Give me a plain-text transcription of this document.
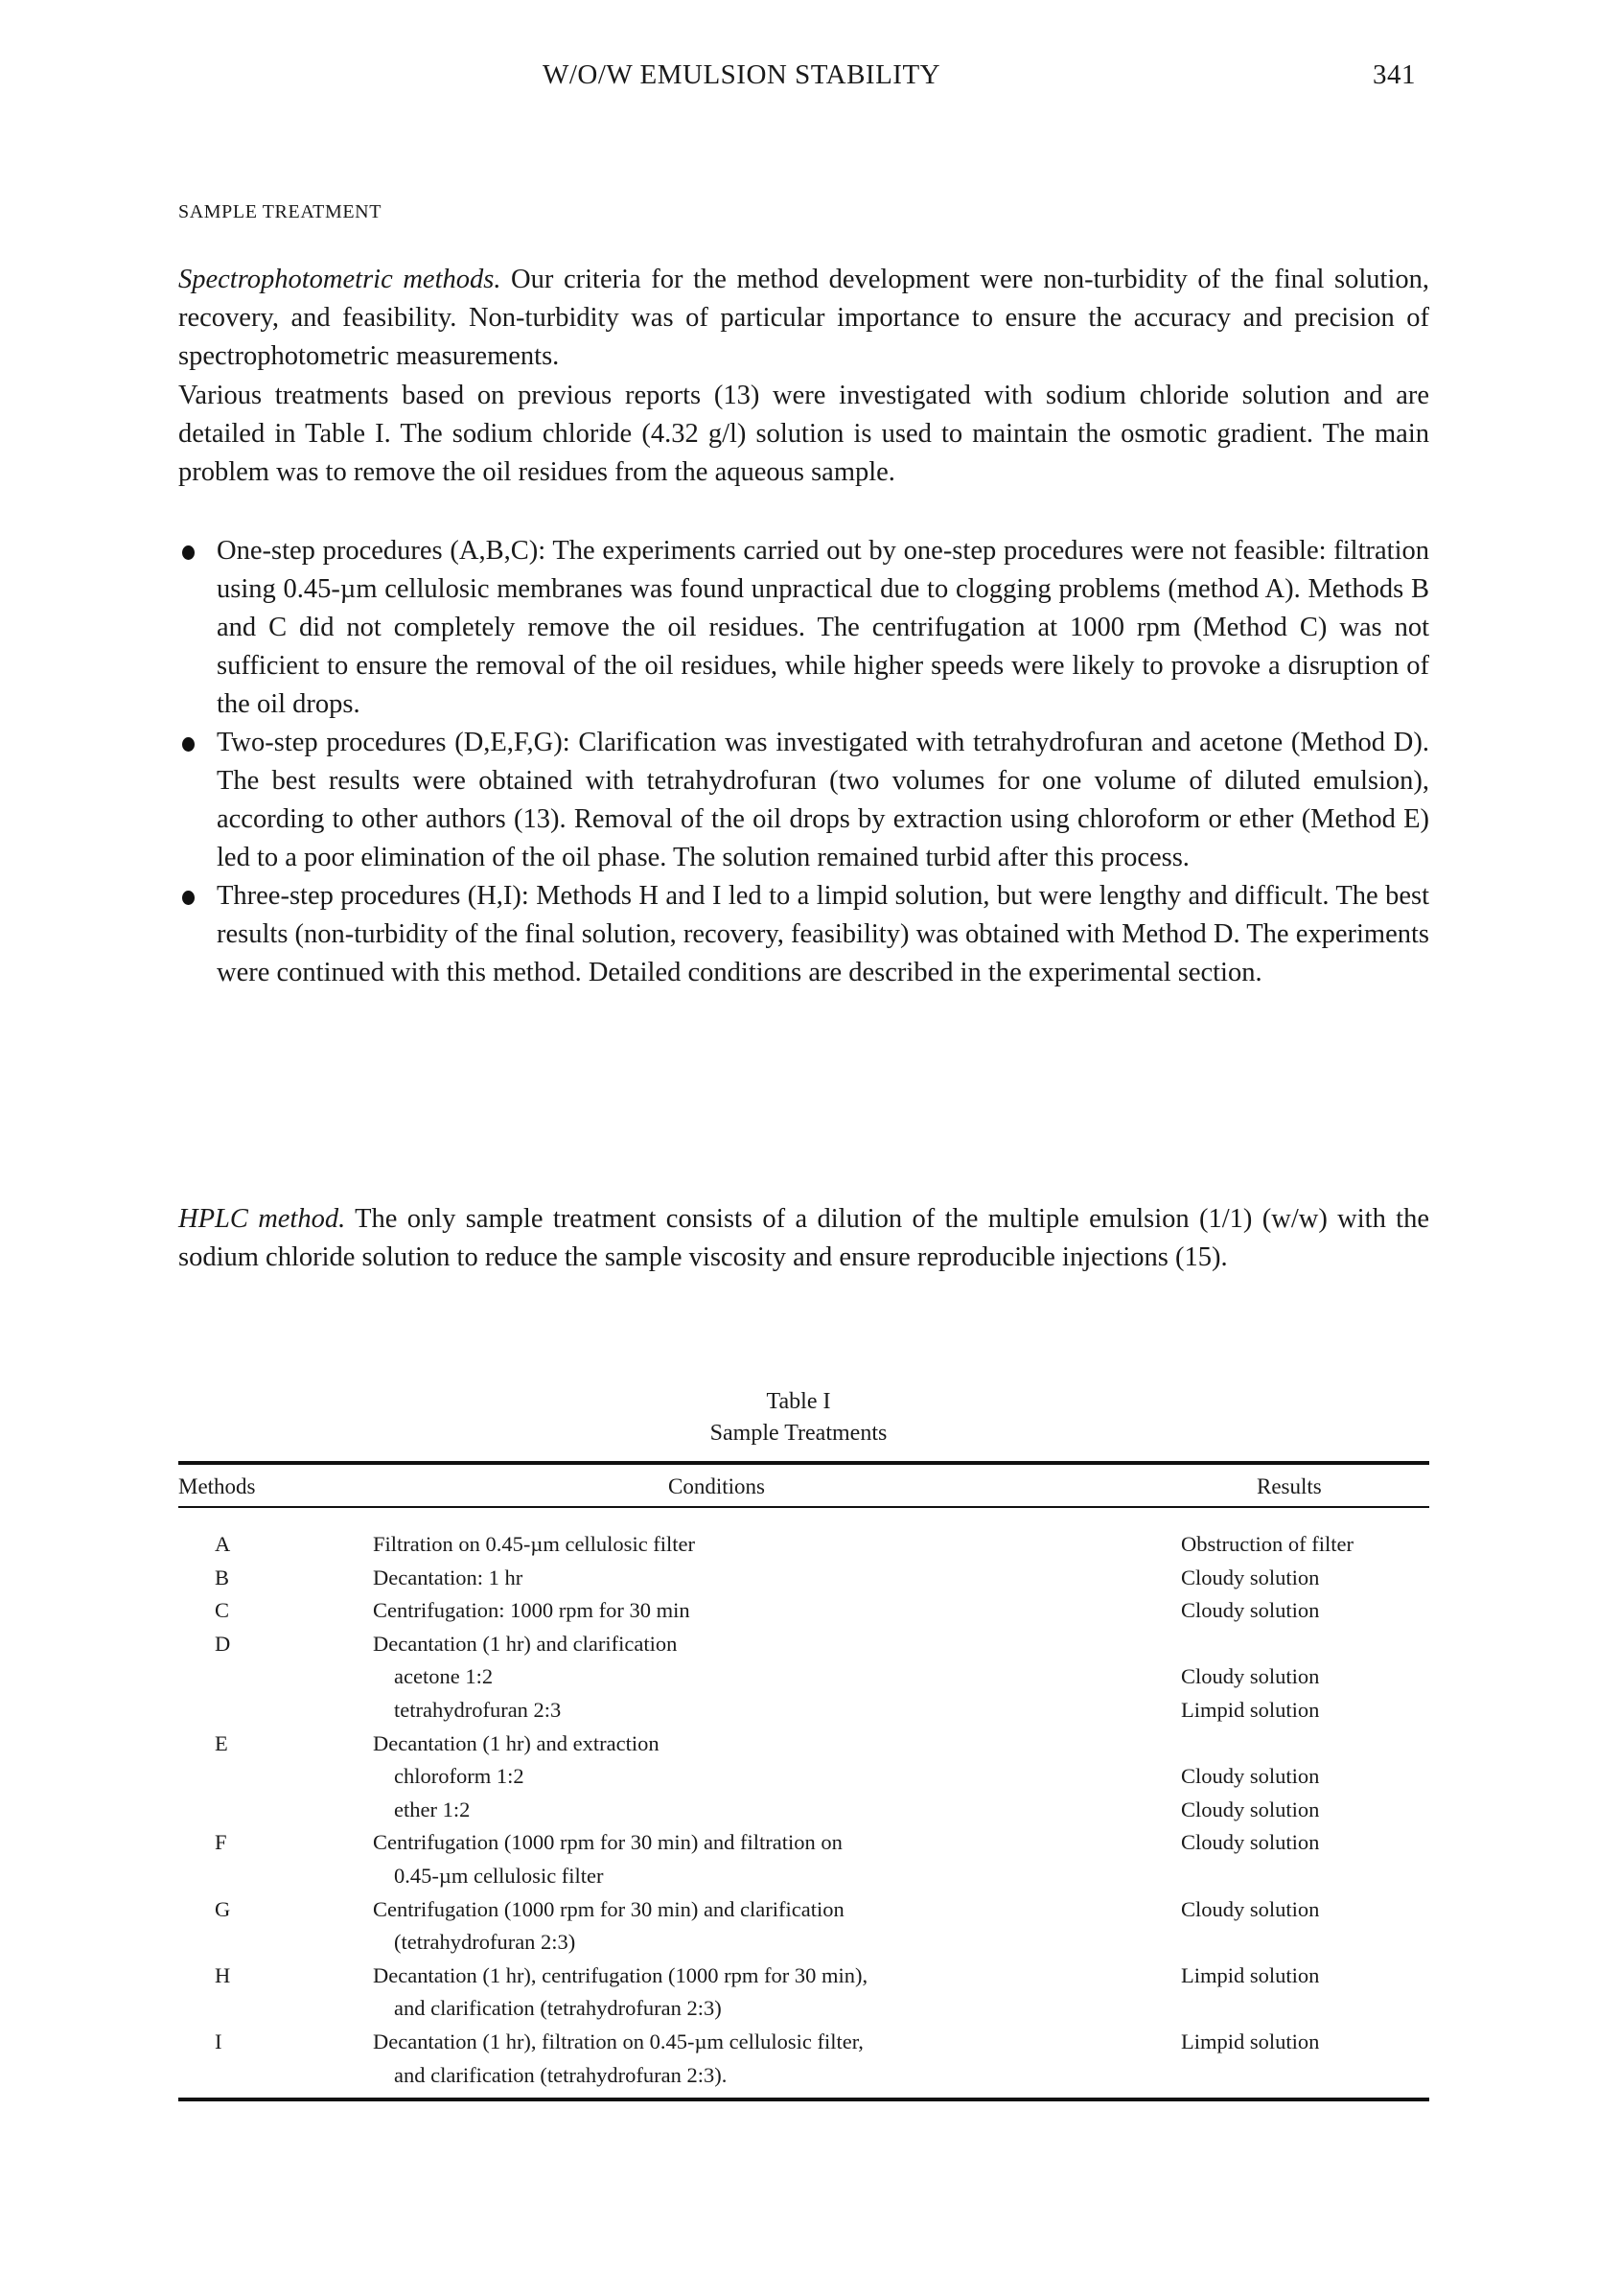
W/O/W EMULSION STABILITY	341
SAMPLE TREATMENT

Spectrophotometric methods. Our criteria for the method development were non-turbidity of the final solution, recovery, and feasibility. Non-turbidity was of particular importance to ensure the accuracy and precision of spectrophotometric measurements.

Various treatments based on previous reports (13) were investigated with sodium chloride solution and are detailed in Table I. The sodium chloride (4.32 g/l) solution is used to maintain the osmotic gradient. The main problem was to remove the oil residues from the aqueous sample.

One-step procedures (A,B,C): The experiments carried out by one-step procedures were not feasible: filtration using 0.45-µm cellulosic membranes was found unpractical due to clogging problems (method A). Methods B and C did not completely remove the oil residues. The centrifugation at 1000 rpm (Method C) was not sufficient to ensure the removal of the oil residues, while higher speeds were likely to provoke a disruption of the oil drops.
Two-step procedures (D,E,F,G): Clarification was investigated with tetrahydrofuran and acetone (Method D). The best results were obtained with tetrahydrofuran (two volumes for one volume of diluted emulsion), according to other authors (13). Removal of the oil drops by extraction using chloroform or ether (Method E) led to a poor elimination of the oil phase. The solution remained turbid after this process.
Three-step procedures (H,I): Methods H and I led to a limpid solution, but were lengthy and difficult. The best results (non-turbidity of the final solution, recovery, feasibility) was obtained with Method D. The experiments were continued with this method. Detailed conditions are described in the experimental section.

HPLC method. The only sample treatment consists of a dilution of the multiple emulsion (1/1) (w/w) with the sodium chloride solution to reduce the sample viscosity and ensure reproducible injections (15).

Table I
Sample Treatments
Methods	Conditions	Results
A	Filtration on 0.45-µm cellulosic filter	Obstruction of filter
B	Decantation: 1 hr	Cloudy solution
C	Centrifugation: 1000 rpm for 30 min	Cloudy solution
D	Decantation (1 hr) and clarification
acetone 1:2	Cloudy solution
tetrahydrofuran 2:3	Limpid solution
E	Decantation (1 hr) and extraction
chloroform 1:2	Cloudy solution
ether 1:2	Cloudy solution
F	Centrifugation (1000 rpm for 30 min) and filtration on	Cloudy solution
0.45-µm cellulosic filter
G	Centrifugation (1000 rpm for 30 min) and clarification	Cloudy solution
(tetrahydrofuran 2:3)
H	Decantation (1 hr), centrifugation (1000 rpm for 30 min),	Limpid solution
and clarification (tetrahydrofuran 2:3)
I	Decantation (1 hr), filtration on 0.45-µm cellulosic filter,	Limpid solution
and clarification (tetrahydrofuran 2:3).
